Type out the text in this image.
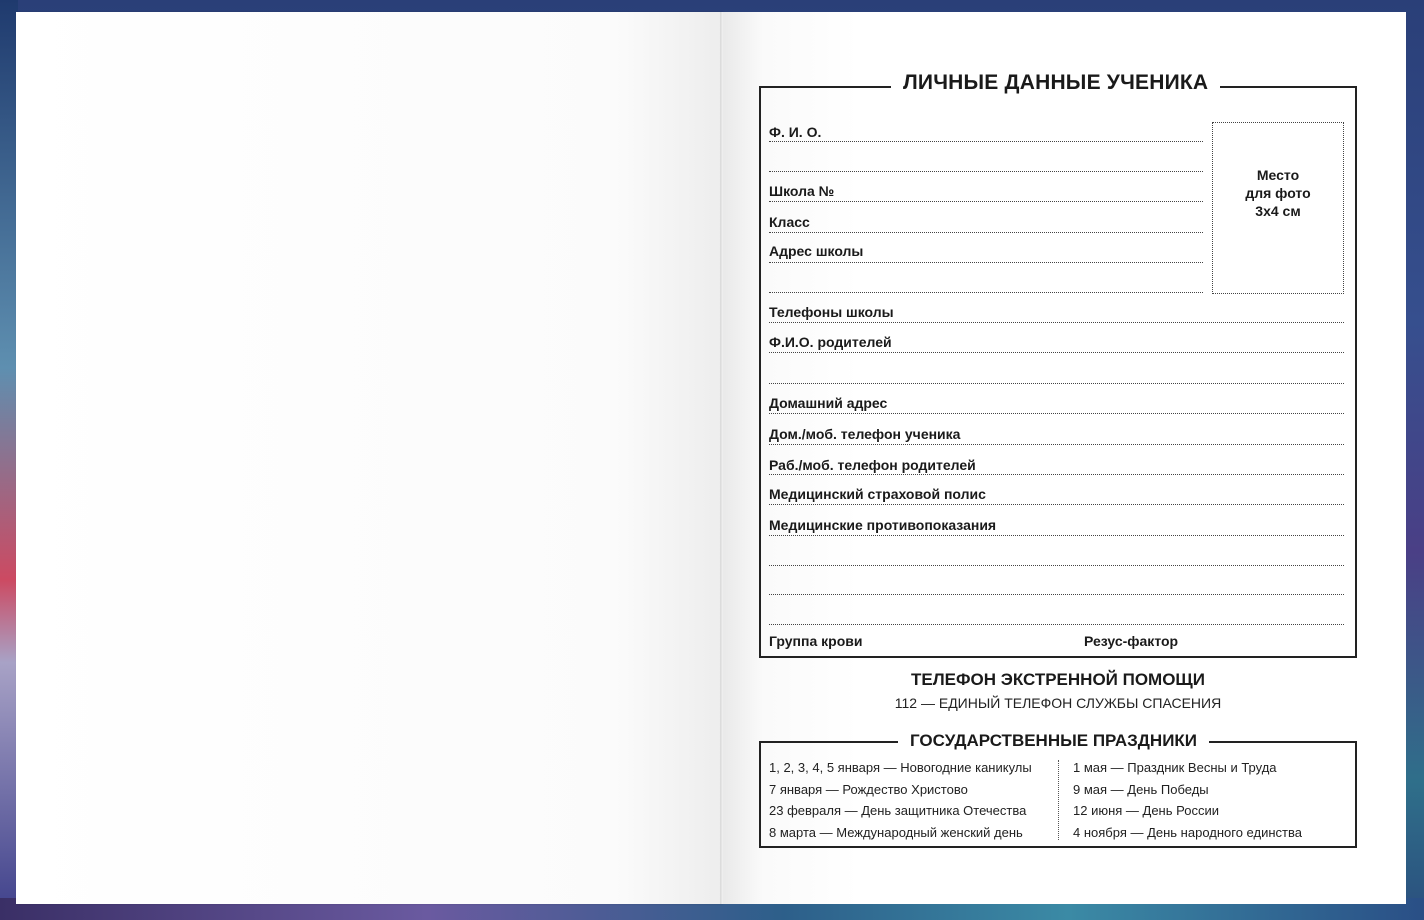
ЛИЧНЫЕ ДАННЫЕ УЧЕНИКА
Ф. И. О.
Школа №
Класс
Адрес школы
Место
для фото
3х4 см
Телефоны школы
Ф.И.О. родителей
Домашний адрес
Дом./моб. телефон ученика
Раб./моб. телефон родителей
Медицинский страховой полис
Медицинские противопоказания
Группа крови	Резус-фактор
ТЕЛЕФОН ЭКСТРЕННОЙ ПОМОЩИ
112 — ЕДИНЫЙ ТЕЛЕФОН СЛУЖБЫ СПАСЕНИЯ
ГОСУДАРСТВЕННЫЕ ПРАЗДНИКИ
1, 2, 3, 4, 5 января — Новогодние каникулы
7 января — Рождество Христово
23 февраля — День защитника Отечества
8 марта — Международный женский день
1 мая — Праздник Весны и Труда
9 мая — День Победы
12 июня — День России
4 ноября — День народного единства
